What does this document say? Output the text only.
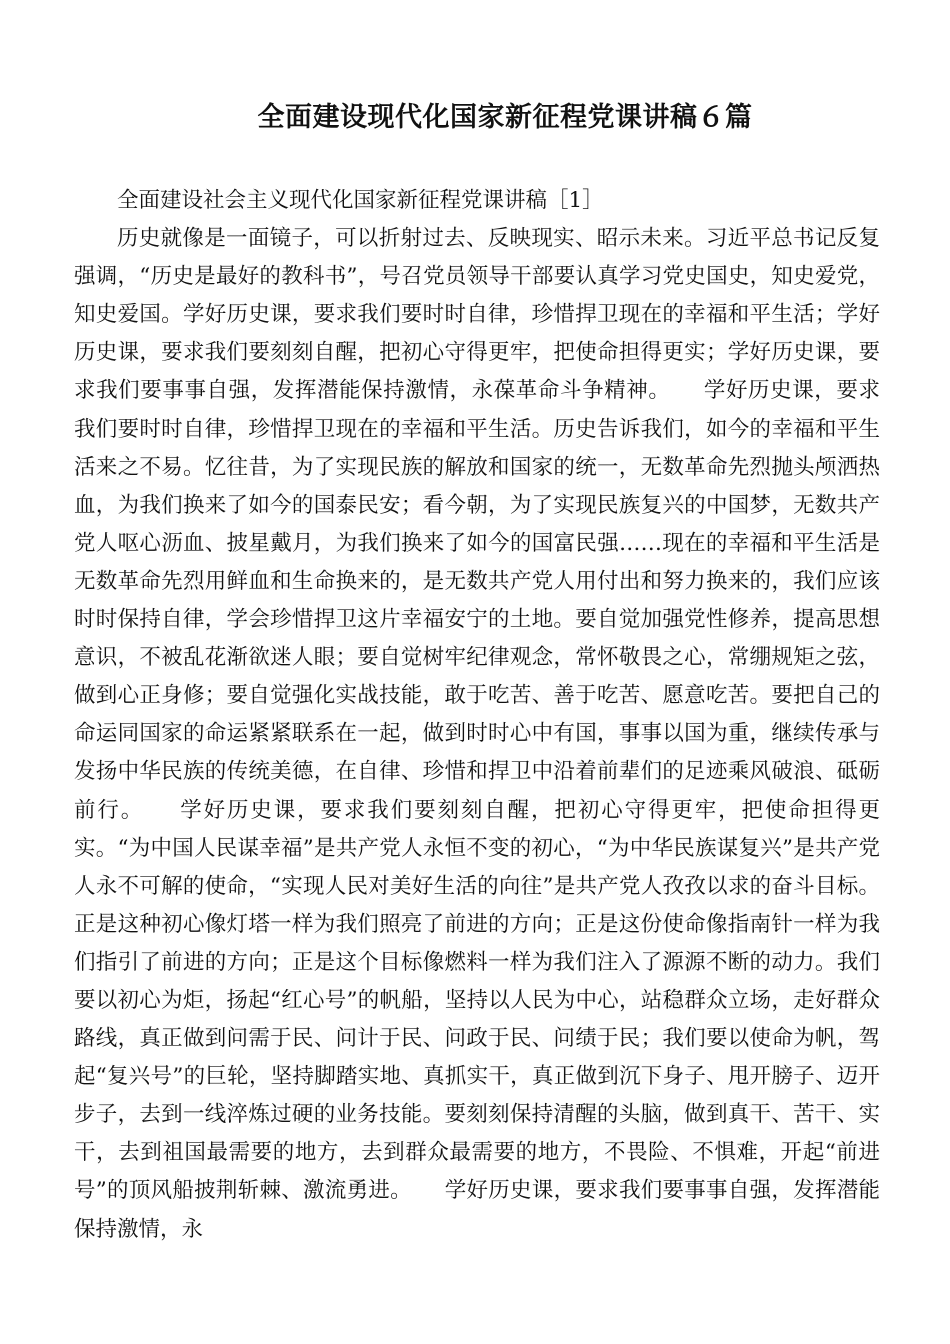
全面建设现代化国家新征程党课讲稿６篇
全面建设社会主义现代化国家新征程党课讲稿［1］

历史就像是一面镜子，可以折射过去、反映现实、昭示未来。习近平总书记反复强调，“历史是最好的教科书”，号召党员领导干部要认真学习党史国史，知史爱党，知史爱国。学好历史课，要求我们要时时自律，珍惜捍卫现在的幸福和平生活；学好历史课，要求我们要刻刻自醒，把初心守得更牢，把使命担得更实；学好历史课，要求我们要事事自强，发挥潜能保持激情，永葆革命斗争精神。　　学好历史课，要求我们要时时自律，珍惜捍卫现在的幸福和平生活。历史告诉我们，如今的幸福和平生活来之不易。忆往昔，为了实现民族的解放和国家的统一，无数革命先烈抛头颅洒热血，为我们换来了如今的国泰民安；看今朝，为了实现民族复兴的中国梦，无数共产党人呕心沥血、披星戴月，为我们换来了如今的国富民强……现在的幸福和平生活是无数革命先烈用鲜血和生命换来的，是无数共产党人用付出和努力换来的，我们应该时时保持自律，学会珍惜捍卫这片幸福安宁的土地。要自觉加强党性修养，提高思想意识，不被乱花渐欲迷人眼；要自觉树牢纪律观念，常怀敬畏之心，常绷规矩之弦，做到心正身修；要自觉强化实战技能，敢于吃苦、善于吃苦、愿意吃苦。要把自己的命运同国家的命运紧紧联系在一起，做到时时心中有国，事事以国为重，继续传承与发扬中华民族的传统美德，在自律、珍惜和捍卫中沿着前辈们的足迹乘风破浪、砥砺前行。　　学好历史课，要求我们要刻刻自醒，把初心守得更牢，把使命担得更实。“为中国人民谋幸福”是共产党人永恒不变的初心，“为中华民族谋复兴”是共产党人永不可解的使命，“实现人民对美好生活的向往”是共产党人孜孜以求的奋斗目标。正是这种初心像灯塔一样为我们照亮了前进的方向；正是这份使命像指南针一样为我们指引了前进的方向；正是这个目标像燃料一样为我们注入了源源不断的动力。我们要以初心为炬，扬起“红心号”的帆船，坚持以人民为中心，站稳群众立场，走好群众路线，真正做到问需于民、问计于民、问政于民、问绩于民；我们要以使命为帆，驾起“复兴号”的巨轮，坚持脚踏实地、真抓实干，真正做到沉下身子、甩开膀子、迈开步子，去到一线淬炼过硬的业务技能。要刻刻保持清醒的头脑，做到真干、苦干、实干，去到祖国最需要的地方，去到群众最需要的地方，不畏险、不惧难，开起“前进号”的顶风船披荆斩棘、激流勇进。　　学好历史课，要求我们要事事自强，发挥潜能保持激情，永
